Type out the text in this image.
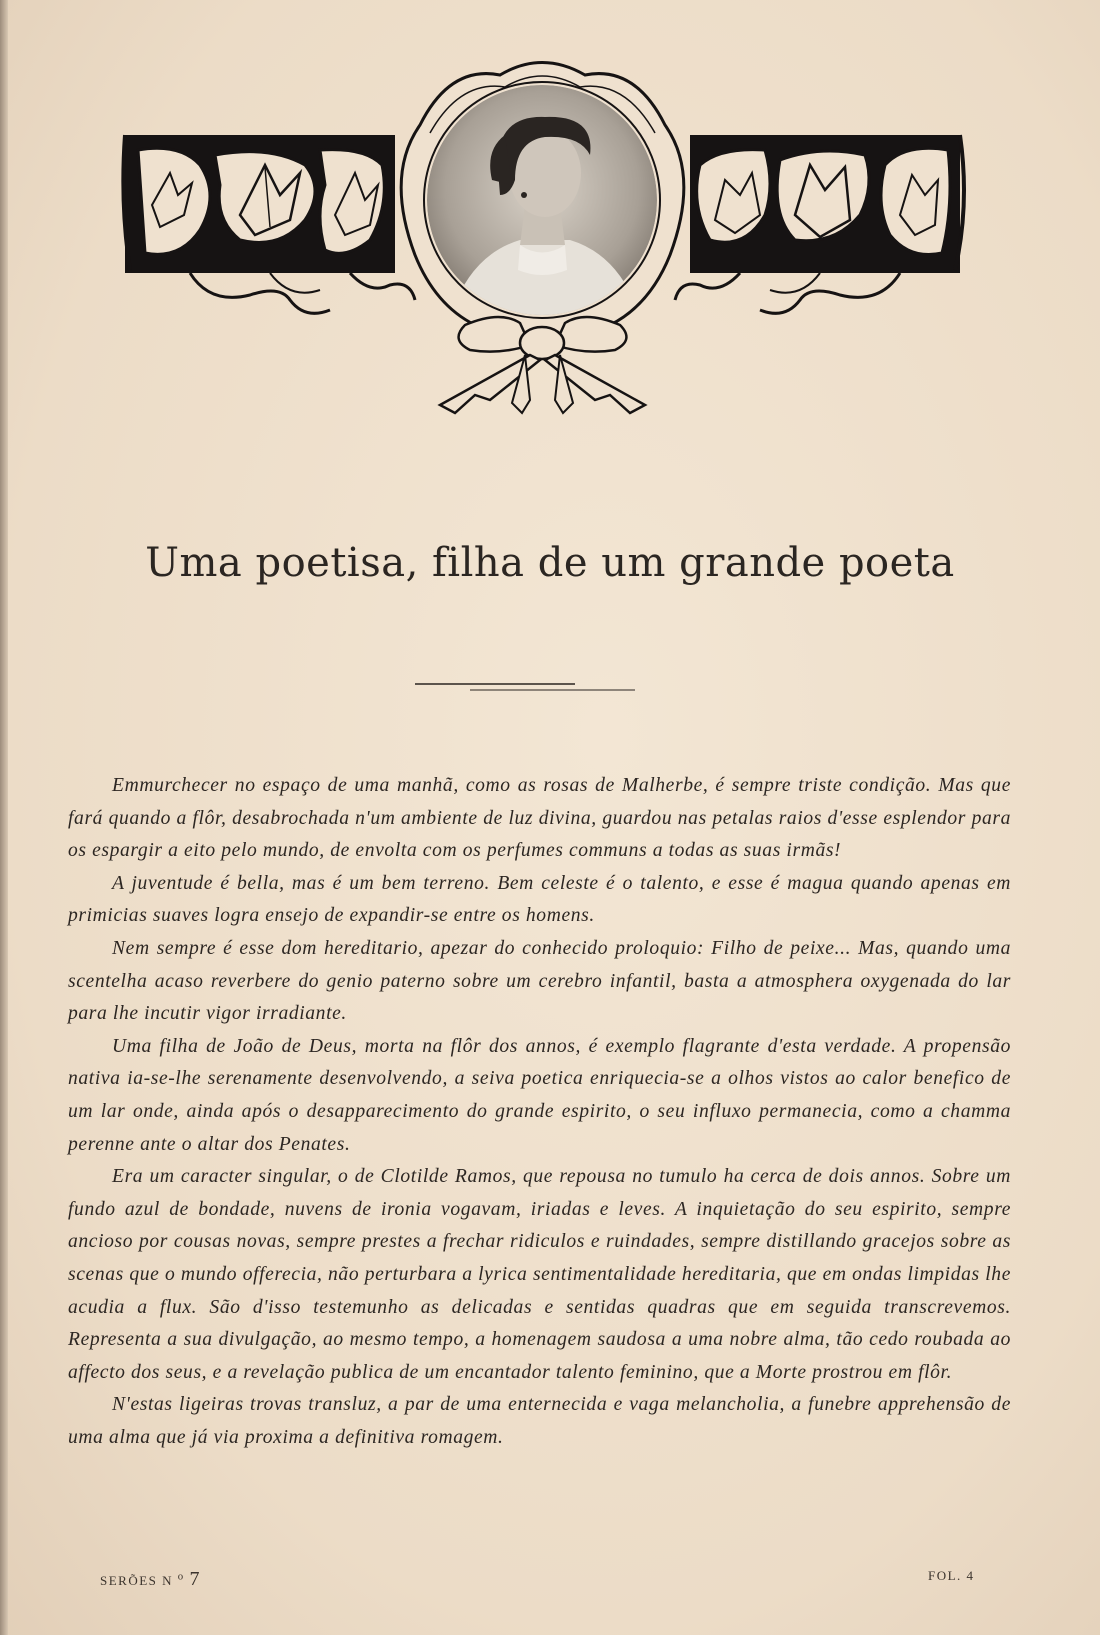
Uma poetisa, filha de um grande poeta

Emmurchecer no espaço de uma manhã, como as rosas de Malherbe, é sempre triste condição. Mas que fará quando a flôr, desabrochada n'um ambiente de luz divina, guardou nas petalas raios d'esse esplendor para os espargir a eito pelo mundo, de envolta com os perfumes communs a todas as suas irmãs!

A juventude é bella, mas é um bem terreno. Bem celeste é o talento, e esse é magua quando apenas em primicias suaves logra ensejo de expandir-se entre os homens.

Nem sempre é esse dom hereditario, apezar do conhecido proloquio: Filho de peixe... Mas, quando uma scentelha acaso reverbere do genio paterno sobre um cerebro infantil, basta a atmosphera oxygenada do lar para lhe incutir vigor irradiante.

Uma filha de João de Deus, morta na flôr dos annos, é exemplo flagrante d'esta verdade. A propensão nativa ia-se-lhe serenamente desenvolvendo, a seiva poetica enriquecia-se a olhos vistos ao calor benefico de um lar onde, ainda após o desapparecimento do grande espirito, o seu influxo permanecia, como a chamma perenne ante o altar dos Penates.

Era um caracter singular, o de Clotilde Ramos, que repousa no tumulo ha cerca de dois annos. Sobre um fundo azul de bondade, nuvens de ironia vogavam, iriadas e leves. A inquietação do seu espirito, sempre ancioso por cousas novas, sempre prestes a frechar ridiculos e ruindades, sempre distillando gracejos sobre as scenas que o mundo offerecia, não perturbara a lyrica sentimentalidade hereditaria, que em ondas limpidas lhe acudia a flux. São d'isso testemunho as delicadas e sentidas quadras que em seguida transcrevemos. Representa a sua divulgação, ao mesmo tempo, a homenagem saudosa a uma nobre alma, tão cedo roubada ao affecto dos seus, e a revelação publica de um encantador talento feminino, que a Morte prostrou em flôr.

N'estas ligeiras trovas transluz, a par de uma enternecida e vaga melancholia, a funebre apprehensão de uma alma que já via proxima a definitiva romagem.

SERÕES N $^o$ 7	FOL. 4
